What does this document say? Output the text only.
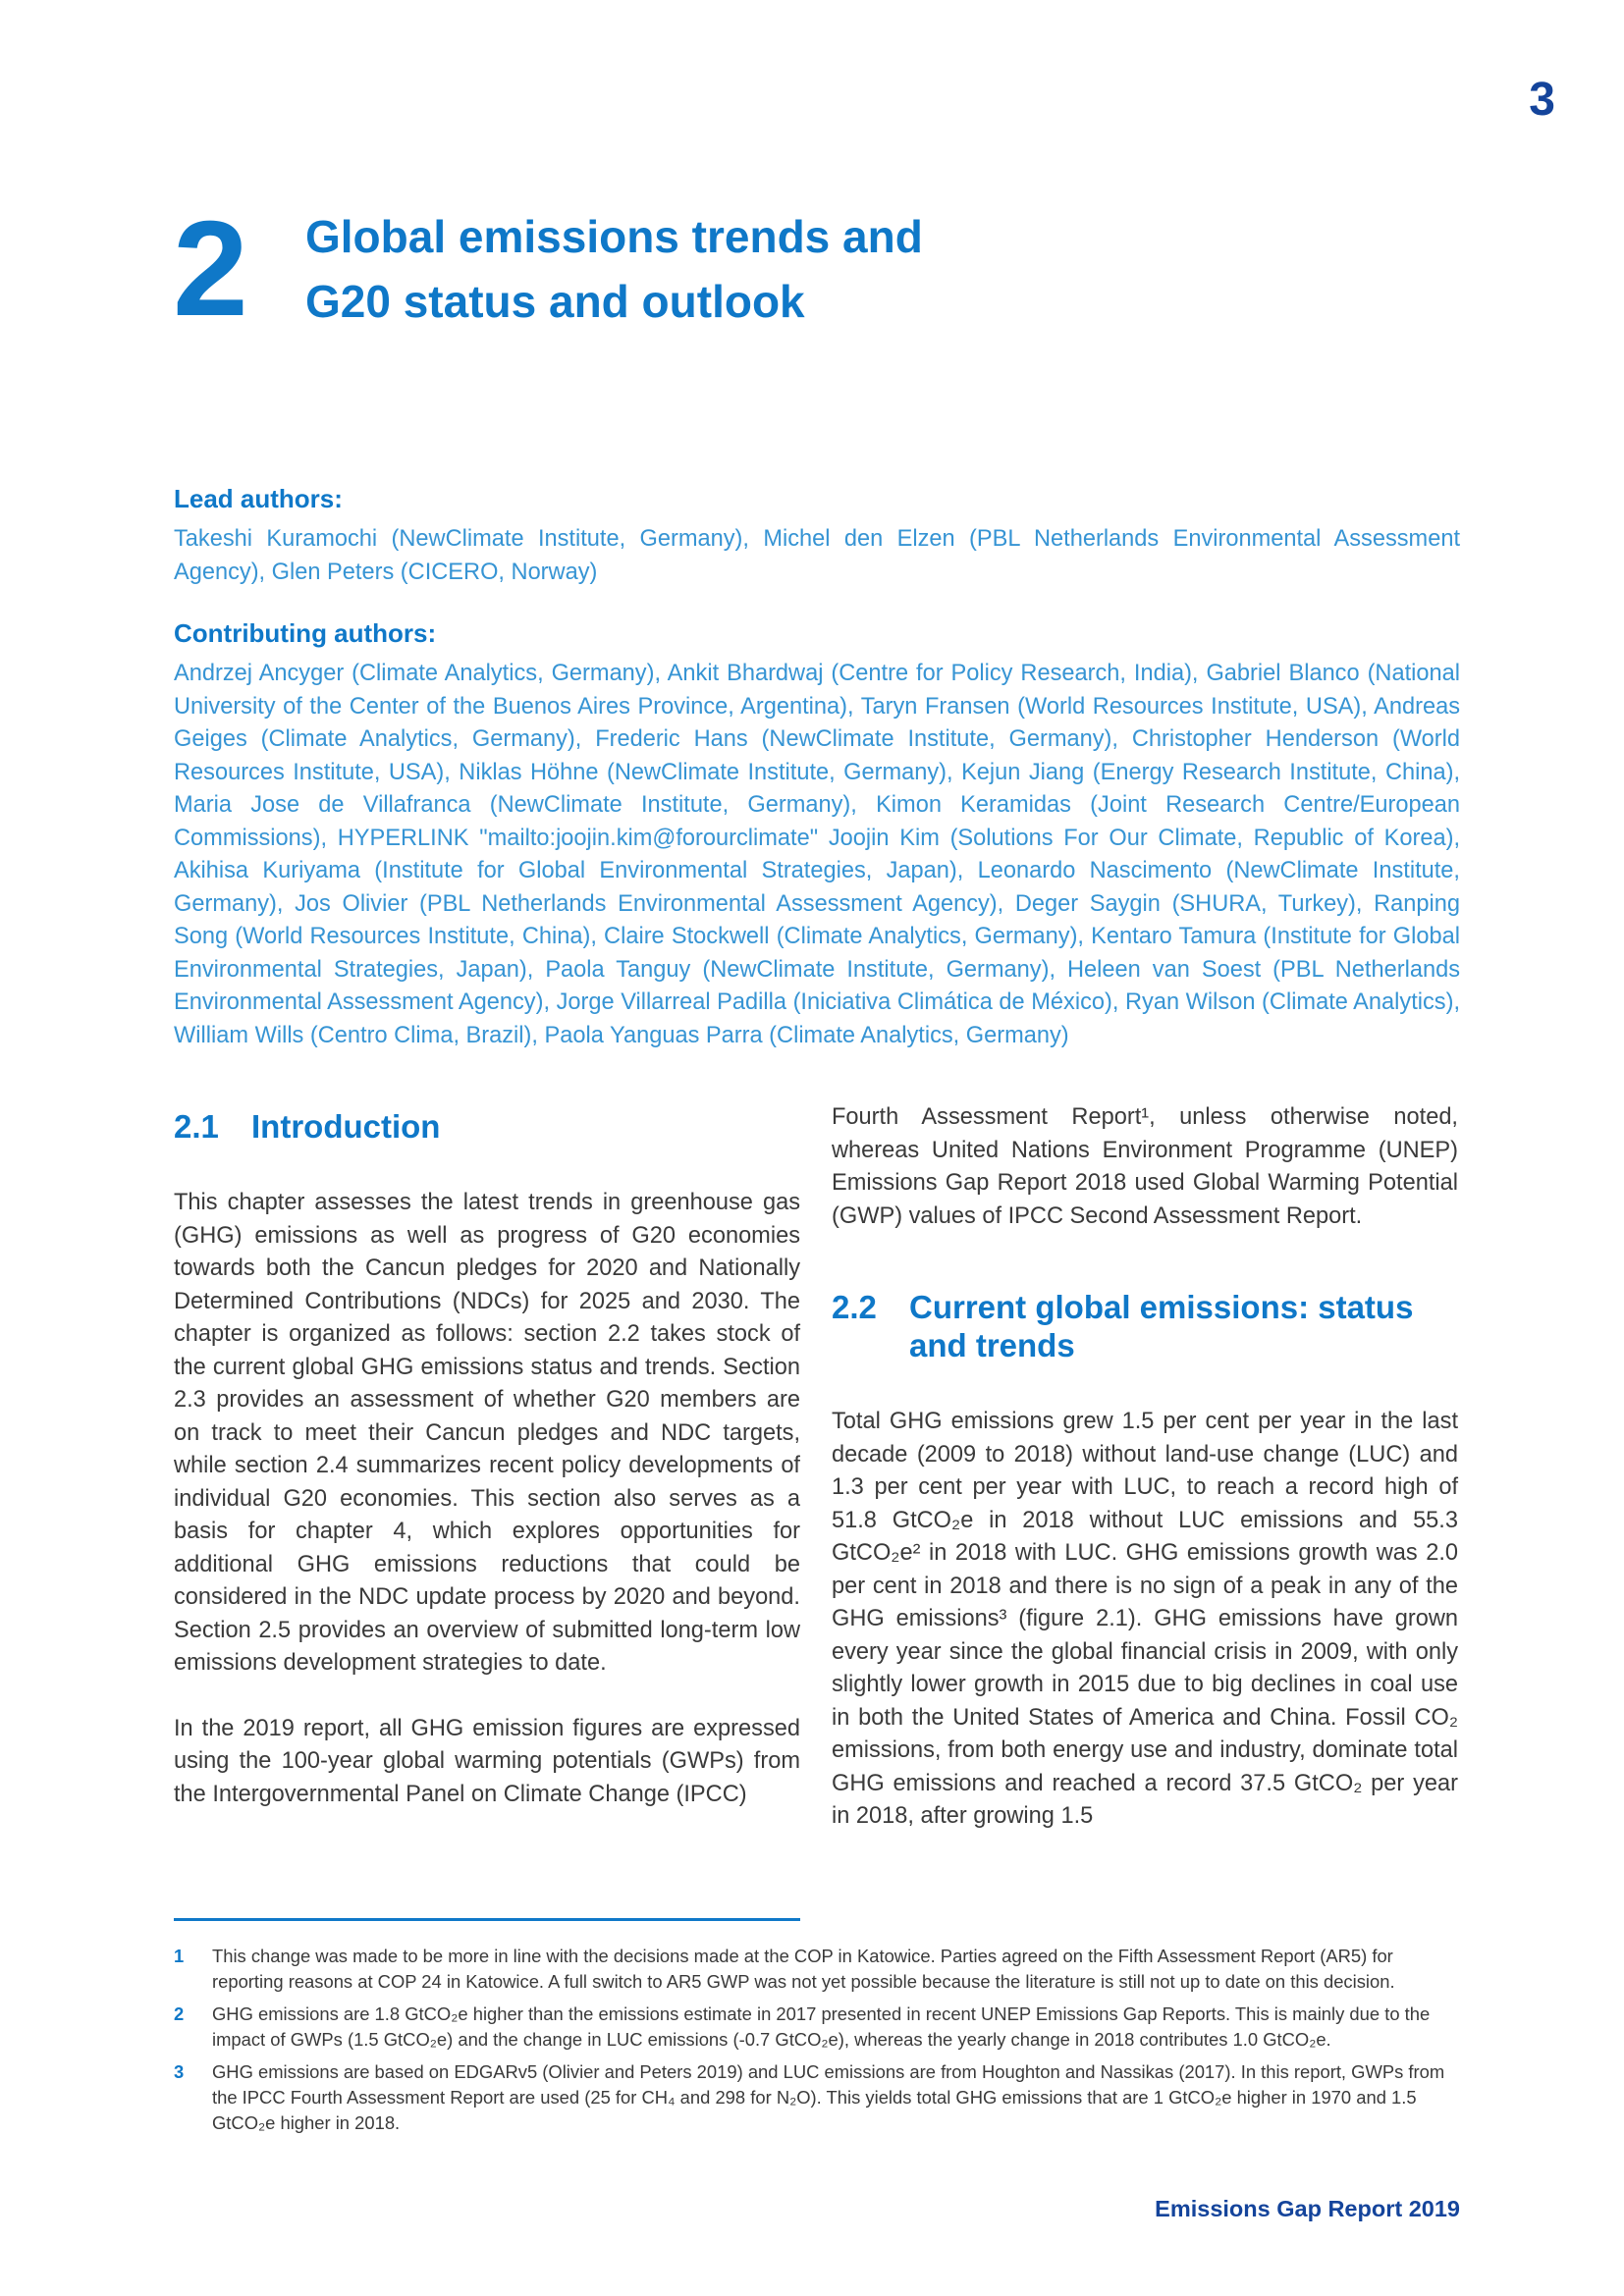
3
2 Global emissions trends and
G20 status and outlook
Lead authors:

Takeshi Kuramochi (NewClimate Institute, Germany), Michel den Elzen (PBL Netherlands Environmental Assessment Agency), Glen Peters (CICERO, Norway)

Contributing authors:

Andrzej Ancyger (Climate Analytics, Germany), Ankit Bhardwaj (Centre for Policy Research, India), Gabriel Blanco (National University of the Center of the Buenos Aires Province, Argentina), Taryn Fransen (World Resources Institute, USA), Andreas Geiges (Climate Analytics, Germany), Frederic Hans (NewClimate Institute, Germany), Christopher Henderson (World Resources Institute, USA), Niklas Höhne (NewClimate Institute, Germany), Kejun Jiang (Energy Research Institute, China), Maria Jose de Villafranca (NewClimate Institute, Germany), Kimon Keramidas (Joint Research Centre/European Commissions), HYPERLINK "mailto:joojin.kim@forourclimate" Joojin Kim (Solutions For Our Climate, Republic of Korea), Akihisa Kuriyama (Institute for Global Environmental Strategies, Japan), Leonardo Nascimento (NewClimate Institute, Germany), Jos Olivier (PBL Netherlands Environmental Assessment Agency), Deger Saygin (SHURA, Turkey), Ranping Song (World Resources Institute, China), Claire Stockwell (Climate Analytics, Germany), Kentaro Tamura (Institute for Global Environmental Strategies, Japan), Paola Tanguy (NewClimate Institute, Germany), Heleen van Soest (PBL Netherlands Environmental Assessment Agency), Jorge Villarreal Padilla (Iniciativa Climática de México), Ryan Wilson (Climate Analytics), William Wills (Centro Clima, Brazil), Paola Yanguas Parra (Climate Analytics, Germany)

2.1	Introduction

This chapter assesses the latest trends in greenhouse gas (GHG) emissions as well as progress of G20 economies towards both the Cancun pledges for 2020 and Nationally Determined Contributions (NDCs) for 2025 and 2030. The chapter is organized as follows: section 2.2 takes stock of the current global GHG emissions status and trends. Section 2.3 provides an assessment of whether G20 members are on track to meet their Cancun pledges and NDC targets, while section 2.4 summarizes recent policy developments of individual G20 economies. This section also serves as a basis for chapter 4, which explores opportunities for additional GHG emissions reductions that could be considered in the NDC update process by 2020 and beyond. Section 2.5 provides an overview of submitted long-term low emissions development strategies to date.

In the 2019 report, all GHG emission figures are expressed using the 100-year global warming potentials (GWPs) from the Intergovernmental Panel on Climate Change (IPCC)

Fourth Assessment Report¹, unless otherwise noted, whereas United Nations Environment Programme (UNEP) Emissions Gap Report 2018 used Global Warming Potential (GWP) values of IPCC Second Assessment Report.

2.2	Current global emissions: status
and trends

Total GHG emissions grew 1.5 per cent per year in the last decade (2009 to 2018) without land-use change (LUC) and 1.3 per cent per year with LUC, to reach a record high of 51.8 GtCO₂e in 2018 without LUC emissions and 55.3 GtCO₂e² in 2018 with LUC. GHG emissions growth was 2.0 per cent in 2018 and there is no sign of a peak in any of the GHG emissions³ (figure 2.1). GHG emissions have grown every year since the global financial crisis in 2009, with only slightly lower growth in 2015 due to big declines in coal use in both the United States of America and China. Fossil CO₂ emissions, from both energy use and industry, dominate total GHG emissions and reached a record 37.5 GtCO₂ per year in 2018, after growing 1.5

1	This change was made to be more in line with the decisions made at the COP in Katowice. Parties agreed on the Fifth Assessment Report (AR5) for reporting reasons at COP 24 in Katowice. A full switch to AR5 GWP was not yet possible because the literature is still not up to date on this decision.
2	GHG emissions are 1.8 GtCO₂e higher than the emissions estimate in 2017 presented in recent UNEP Emissions Gap Reports. This is mainly due to the impact of GWPs (1.5 GtCO₂e) and the change in LUC emissions (-0.7 GtCO₂e), whereas the yearly change in 2018 contributes 1.0 GtCO₂e.
3	GHG emissions are based on EDGARv5 (Olivier and Peters 2019) and LUC emissions are from Houghton and Nassikas (2017). In this report, GWPs from the IPCC Fourth Assessment Report are used (25 for CH₄ and 298 for N₂O). This yields total GHG emissions that are 1 GtCO₂e higher in 1970 and 1.5 GtCO₂e higher in 2018.
Emissions Gap Report 2019
